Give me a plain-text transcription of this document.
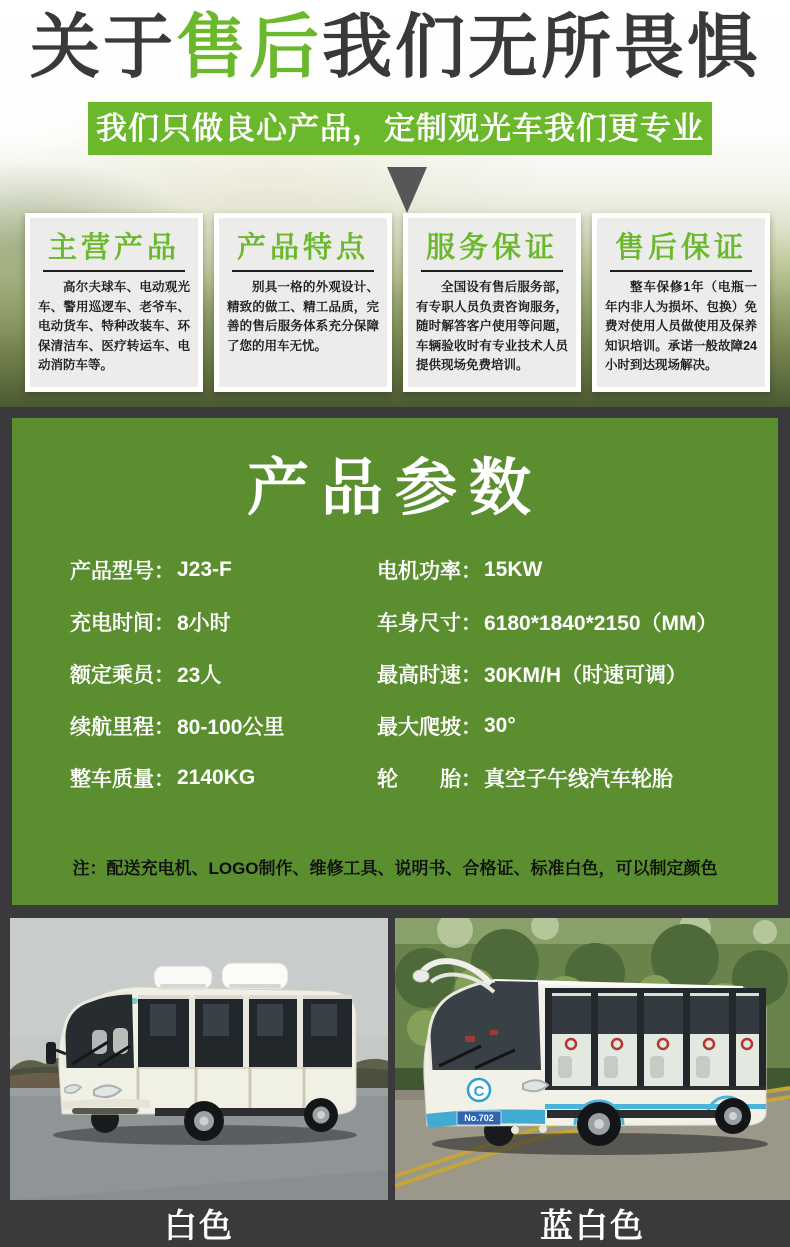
关于售后我们无所畏惧
我们只做良心产品，定制观光车我们更专业
主营产品
高尔夫球车、电动观光车、警用巡逻车、老爷车、电动货车、特种改装车、环保清洁车、医疗转运车、电动消防车等。
产品特点
别具一格的外观设计、精致的做工、精工品质，完善的售后服务体系充分保障了您的用车无忧。
服务保证
全国设有售后服务部，有专职人员负责咨询服务，随时解答客户使用等问题，车辆验收时有专业技术人员提供现场免费培训。
售后保证
整车保修1年（电瓶一年内非人为损坏、包换）免费对使用人员做使用及保养知识培训。承诺一般故障24小时到达现场解决。
产品参数
产品型号： J23-F	电机功率： 15KW
充电时间： 8小时	车身尺寸： 6180*1840*2150（MM）
额定乘员： 23人	最高时速： 30KM/H（时速可调）
续航里程： 80-100公里	最大爬坡： 30°
整车质量： 2140KG	轮　　胎： 真空子午线汽车轮胎
注：配送充电机、LOGO制作、维修工具、说明书、合格证、标准白色，可以制定颜色
C
No.702
白色	蓝白色
